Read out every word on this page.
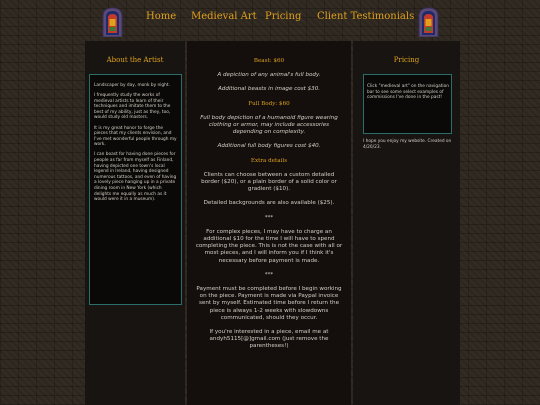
Home Medieval Art Pricing Client Testimonials
About the Artist

Landscaper by day, monk by night.

I frequently study the works of medieval artists to learn of their techniques and imitate them to the best of my ability, just as they, too, would study old masters.

It is my great honor to forge the pieces that my clients envision, and I've met wonderful people through my work.

I can boast for having done pieces for people as far from myself as Finland, having depicted one town's local legend in Ireland, having designed numerous tattoos, and even of having a lovely piece hanging up in a private dining room in New York (which delights me equally as much as it would were it in a museum).

Beast: $60

A depiction of any animal's full body.

Additional beasts in image cost $30.

Full Body: $60

Full body depiction of a humanoid figure wearing clothing or armor, may include accessories depending on complexity.

Additional full body figures cost $40.

Extra details

Clients can choose between a custom detailed border ($20), or a plain border of a solid color or gradient ($10).

Detailed backgrounds are also available ($25).

***

For complex pieces, I may have to charge an additional $10 for the time I will have to spend completing the piece. This is not the case with all or most pieces, and I will inform you if I think it's necessary before payment is made.

***

Payment must be completed before I begin working on the piece. Payment is made via Paypal invoice sent by myself. Estimated time before I return the piece is always 1-2 weeks with slowdowns communicated, should they occur.

If you're interested in a piece, email me at andyh5115[@]gmail.com (just remove the parentheses!)

Pricing

Click "medieval art" on the navigation bar to see some select examples of commissions I've done in the past!

I hope you enjoy my website. Created on 4/20/23.
